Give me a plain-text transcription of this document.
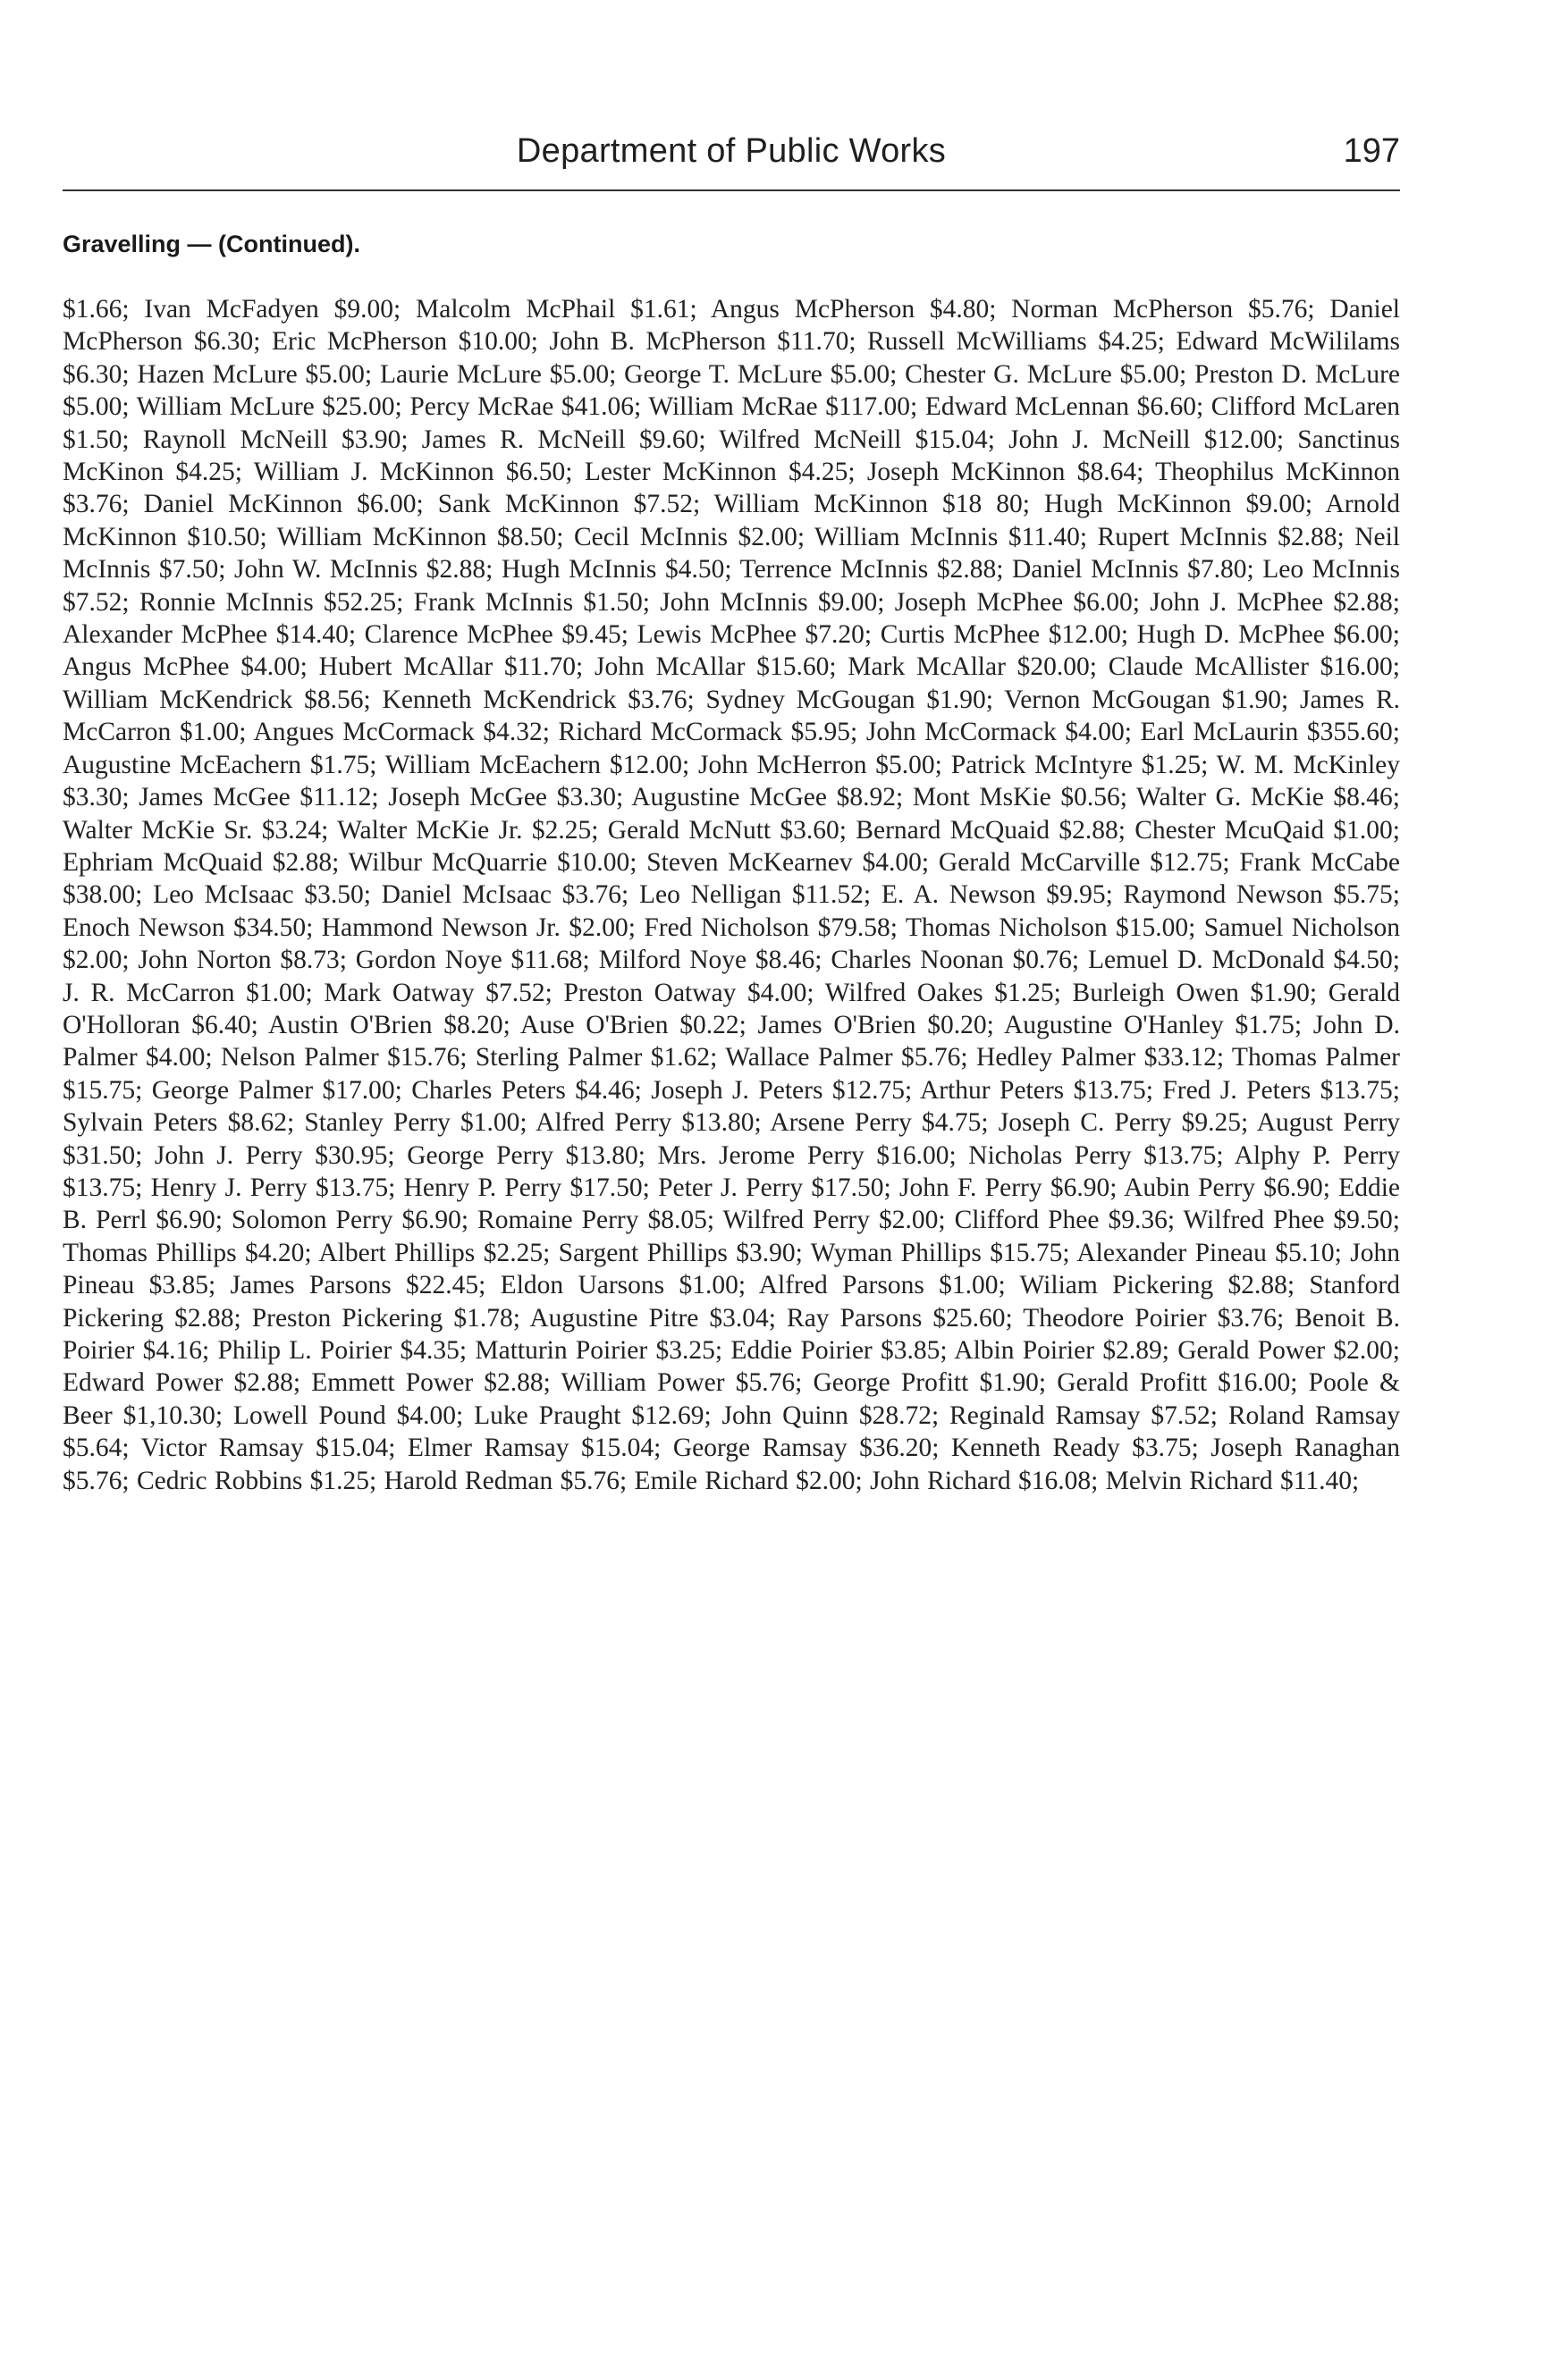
Department of Public Works	197
Gravelling — (Continued).

$1.66; Ivan McFadyen $9.00; Malcolm McPhail $1.61; Angus McPherson $4.80; Norman McPherson $5.76; Daniel McPherson $6.30; Eric McPherson $10.00; John B. McPherson $11.70; Russell McWilliams $4.25; Edward McWililams $6.30; Hazen McLure $5.00; Laurie McLure $5.00; George T. McLure $5.00; Chester G. McLure $5.00; Preston D. McLure $5.00; William McLure $25.00; Percy McRae $41.06; William McRae $117.00; Edward McLennan $6.60; Clifford McLaren $1.50; Raynoll McNeill $3.90; James R. McNeill $9.60; Wilfred McNeill $15.04; John J. McNeill $12.00; Sanctinus McKinon $4.25; William J. McKinnon $6.50; Lester McKinnon $4.25; Joseph McKinnon $8.64; Theophilus McKinnon $3.76; Daniel McKinnon $6.00; Sank McKinnon $7.52; William McKinnon $18 80; Hugh McKinnon $9.00; Arnold McKinnon $10.50; William McKinnon $8.50; Cecil McInnis $2.00; William McInnis $11.40; Rupert McInnis $2.88; Neil McInnis $7.50; John W. McInnis $2.88; Hugh McInnis $4.50; Terrence McInnis $2.88; Daniel McInnis $7.80; Leo McInnis $7.52; Ronnie McInnis $52.25; Frank McInnis $1.50; John McInnis $9.00; Joseph McPhee $6.00; John J. McPhee $2.88; Alexander McPhee $14.40; Clarence McPhee $9.45; Lewis McPhee $7.20; Curtis McPhee $12.00; Hugh D. McPhee $6.00; Angus McPhee $4.00; Hubert McAllar $11.70; John McAllar $15.60; Mark McAllar $20.00; Claude McAllister $16.00; William McKendrick $8.56; Kenneth McKendrick $3.76; Sydney McGougan $1.90; Vernon McGougan $1.90; James R. McCarron $1.00; Angues McCormack $4.32; Richard McCormack $5.95; John McCormack $4.00; Earl McLaurin $355.60; Augustine McEachern $1.75; William McEachern $12.00; John McHerron $5.00; Patrick McIntyre $1.25; W. M. McKinley $3.30; James McGee $11.12; Joseph McGee $3.30; Augustine McGee $8.92; Mont MsKie $0.56; Walter G. McKie $8.46; Walter McKie Sr. $3.24; Walter McKie Jr. $2.25; Gerald McNutt $3.60; Bernard McQuaid $2.88; Chester McuQaid $1.00; Ephriam McQuaid $2.88; Wilbur McQuarrie $10.00; Steven McKearnev $4.00; Gerald McCarville $12.75; Frank McCabe $38.00; Leo McIsaac $3.50; Daniel McIsaac $3.76; Leo Nelligan $11.52; E. A. Newson $9.95; Raymond Newson $5.75; Enoch Newson $34.50; Hammond Newson Jr. $2.00; Fred Nicholson $79.58; Thomas Nicholson $15.00; Samuel Nicholson $2.00; John Norton $8.73; Gordon Noye $11.68; Milford Noye $8.46; Charles Noonan $0.76; Lemuel D. McDonald $4.50; J. R. McCarron $1.00; Mark Oatway $7.52; Preston Oatway $4.00; Wilfred Oakes $1.25; Burleigh Owen $1.90; Gerald O'Holloran $6.40; Austin O'Brien $8.20; Ause O'Brien $0.22; James O'Brien $0.20; Augustine O'Hanley $1.75; John D. Palmer $4.00; Nelson Palmer $15.76; Sterling Palmer $1.62; Wallace Palmer $5.76; Hedley Palmer $33.12; Thomas Palmer $15.75; George Palmer $17.00; Charles Peters $4.46; Joseph J. Peters $12.75; Arthur Peters $13.75; Fred J. Peters $13.75; Sylvain Peters $8.62; Stanley Perry $1.00; Alfred Perry $13.80; Arsene Perry $4.75; Joseph C. Perry $9.25; August Perry $31.50; John J. Perry $30.95; George Perry $13.80; Mrs. Jerome Perry $16.00; Nicholas Perry $13.75; Alphy P. Perry $13.75; Henry J. Perry $13.75; Henry P. Perry $17.50; Peter J. Perry $17.50; John F. Perry $6.90; Aubin Perry $6.90; Eddie B. Perrl $6.90; Solomon Perry $6.90; Romaine Perry $8.05; Wilfred Perry $2.00; Clifford Phee $9.36; Wilfred Phee $9.50; Thomas Phillips $4.20; Albert Phillips $2.25; Sargent Phillips $3.90; Wyman Phillips $15.75; Alexander Pineau $5.10; John Pineau $3.85; James Parsons $22.45; Eldon Uarsons $1.00; Alfred Parsons $1.00; Wiliam Pickering $2.88; Stanford Pickering $2.88; Preston Pickering $1.78; Augustine Pitre $3.04; Ray Parsons $25.60; Theodore Poirier $3.76; Benoit B. Poirier $4.16; Philip L. Poirier $4.35; Matturin Poirier $3.25; Eddie Poirier $3.85; Albin Poirier $2.89; Gerald Power $2.00; Edward Power $2.88; Emmett Power $2.88; William Power $5.76; George Profitt $1.90; Gerald Profitt $16.00; Poole & Beer $1,10.30; Lowell Pound $4.00; Luke Praught $12.69; John Quinn $28.72; Reginald Ramsay $7.52; Roland Ramsay $5.64; Victor Ramsay $15.04; Elmer Ramsay $15.04; George Ramsay $36.20; Kenneth Ready $3.75; Joseph Ranaghan $5.76; Cedric Robbins $1.25; Harold Redman $5.76; Emile Richard $2.00; John Richard $16.08; Melvin Richard $11.40;
